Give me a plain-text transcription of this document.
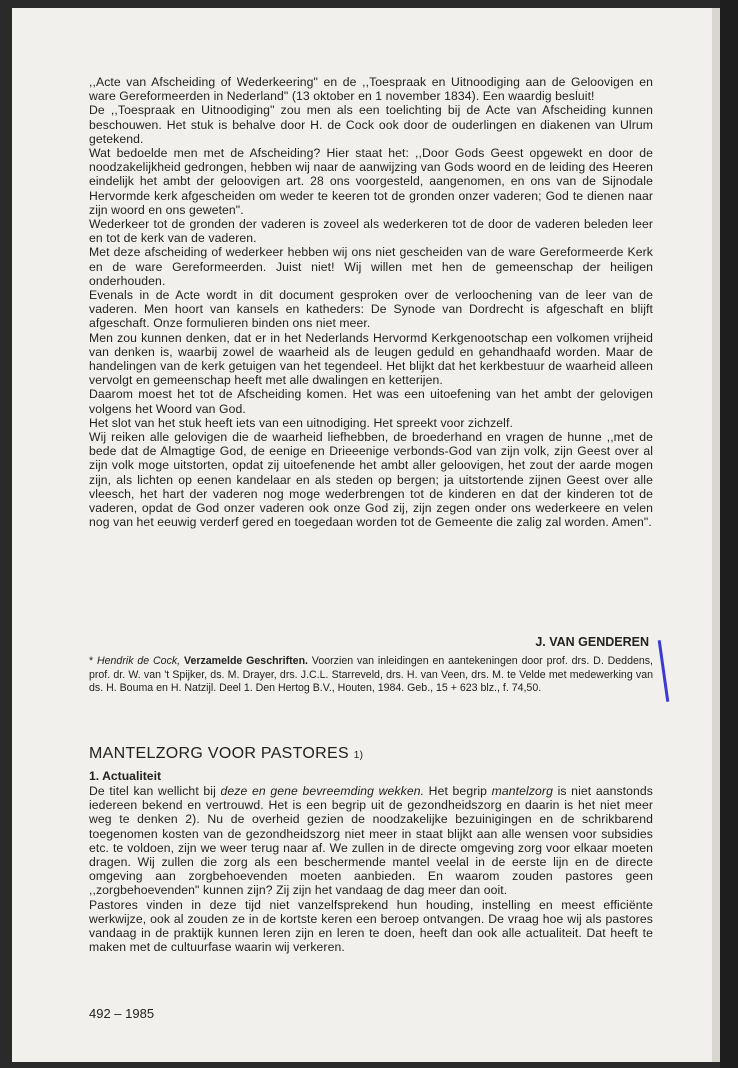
,,Acte van Afscheiding of Wederkeering" en de ,,Toespraak en Uitnoodiging aan de Geloovigen en ware Gereformeerden in Nederland" (13 oktober en 1 november 1834). Een waardig besluit!

De ,,Toespraak en Uitnoodiging" zou men als een toelichting bij de Acte van Afscheiding kunnen beschouwen. Het stuk is behalve door H. de Cock ook door de ouderlingen en diakenen van Ulrum getekend.

Wat bedoelde men met de Afscheiding? Hier staat het: ,,Door Gods Geest opgewekt en door de noodzakelijkheid gedrongen, hebben wij naar de aanwijzing van Gods woord en de leiding des Heeren eindelijk het ambt der geloovigen art. 28 ons voorgesteld, aangenomen, en ons van de Sijnodale Hervormde kerk afgescheiden om weder te keeren tot de gronden onzer vaderen; God te dienen naar zijn woord en ons geweten".

Wederkeer tot de gronden der vaderen is zoveel als wederkeren tot de door de vaderen beleden leer en tot de kerk van de vaderen.

Met deze afscheiding of wederkeer hebben wij ons niet gescheiden van de ware Gereformeerde Kerk en de ware Gereformeerden. Juist niet! Wij willen met hen de gemeenschap der heiligen onderhouden.

Evenals in de Acte wordt in dit document gesproken over de verloochening van de leer van de vaderen. Men hoort van kansels en katheders: De Synode van Dordrecht is afgeschaft en blijft afgeschaft. Onze formulieren binden ons niet meer.

Men zou kunnen denken, dat er in het Nederlands Hervormd Kerkgenootschap een volkomen vrijheid van denken is, waarbij zowel de waarheid als de leugen geduld en gehandhaafd worden. Maar de handelingen van de kerk getuigen van het tegendeel. Het blijkt dat het kerkbestuur de waarheid alleen vervolgt en gemeenschap heeft met alle dwalingen en ketterijen.

Daarom moest het tot de Afscheiding komen. Het was een uitoefening van het ambt der gelovigen volgens het Woord van God.

Het slot van het stuk heeft iets van een uitnodiging. Het spreekt voor zichzelf.

Wij reiken alle gelovigen die de waarheid liefhebben, de broederhand en vragen de hunne ,,met de bede dat de Almagtige God, de eenige en Drieeenige verbonds-God van zijn volk, zijn Geest over al zijn volk moge uitstorten, opdat zij uitoefenende het ambt aller geloovigen, het zout der aarde mogen zijn, als lichten op eenen kandelaar en als steden op bergen; ja uitstortende zijnen Geest over alle vleesch, het hart der vaderen nog moge wederbrengen tot de kinderen en dat der kinderen tot de vaderen, opdat de God onzer vaderen ook onze God zij, zijn zegen onder ons wederkeere en velen nog van het eeuwig verderf gered en toegedaan worden tot de Gemeente die zalig zal worden. Amen".

J. VAN GENDEREN
* Hendrik de Cock, Verzamelde Geschriften. Voorzien van inleidingen en aantekeningen door prof. drs. D. Deddens, prof. dr. W. van 't Spijker, ds. M. Drayer, drs. J.C.L. Starreveld, drs. H. van Veen, drs. M. te Velde met medewerking van ds. H. Bouma en H. Natzijl. Deel 1. Den Hertog B.V., Houten, 1984. Geb., 15 + 623 blz., f. 74,50.
MANTELZORG VOOR PASTORES 1)
1. Actualiteit

De titel kan wellicht bij deze en gene bevreemding wekken. Het begrip mantelzorg is niet aanstonds iedereen bekend en vertrouwd. Het is een begrip uit de gezondheidszorg en daarin is het niet meer weg te denken 2). Nu de overheid gezien de noodzakelijke bezuinigingen en de schrikbarend toegenomen kosten van de gezondheidszorg niet meer in staat blijkt aan alle wensen voor subsidies etc. te voldoen, zijn we weer terug naar af. We zullen in de directe omgeving zorg voor elkaar moeten dragen. Wij zullen die zorg als een beschermende mantel veelal in de eerste lijn en de directe omgeving aan zorgbehoevenden moeten aanbieden. En waarom zouden pastores geen ,,zorgbehoevenden" kunnen zijn? Zij zijn het vandaag de dag meer dan ooit.

Pastores vinden in deze tijd niet vanzelfsprekend hun houding, instelling en meest efficiënte werkwijze, ook al zouden ze in de kortste keren een beroep ontvangen. De vraag hoe wij als pastores vandaag in de praktijk kunnen leren zijn en leren te doen, heeft dan ook alle actualiteit. Dat heeft te maken met de cultuurfase waarin wij verkeren.

492 – 1985
